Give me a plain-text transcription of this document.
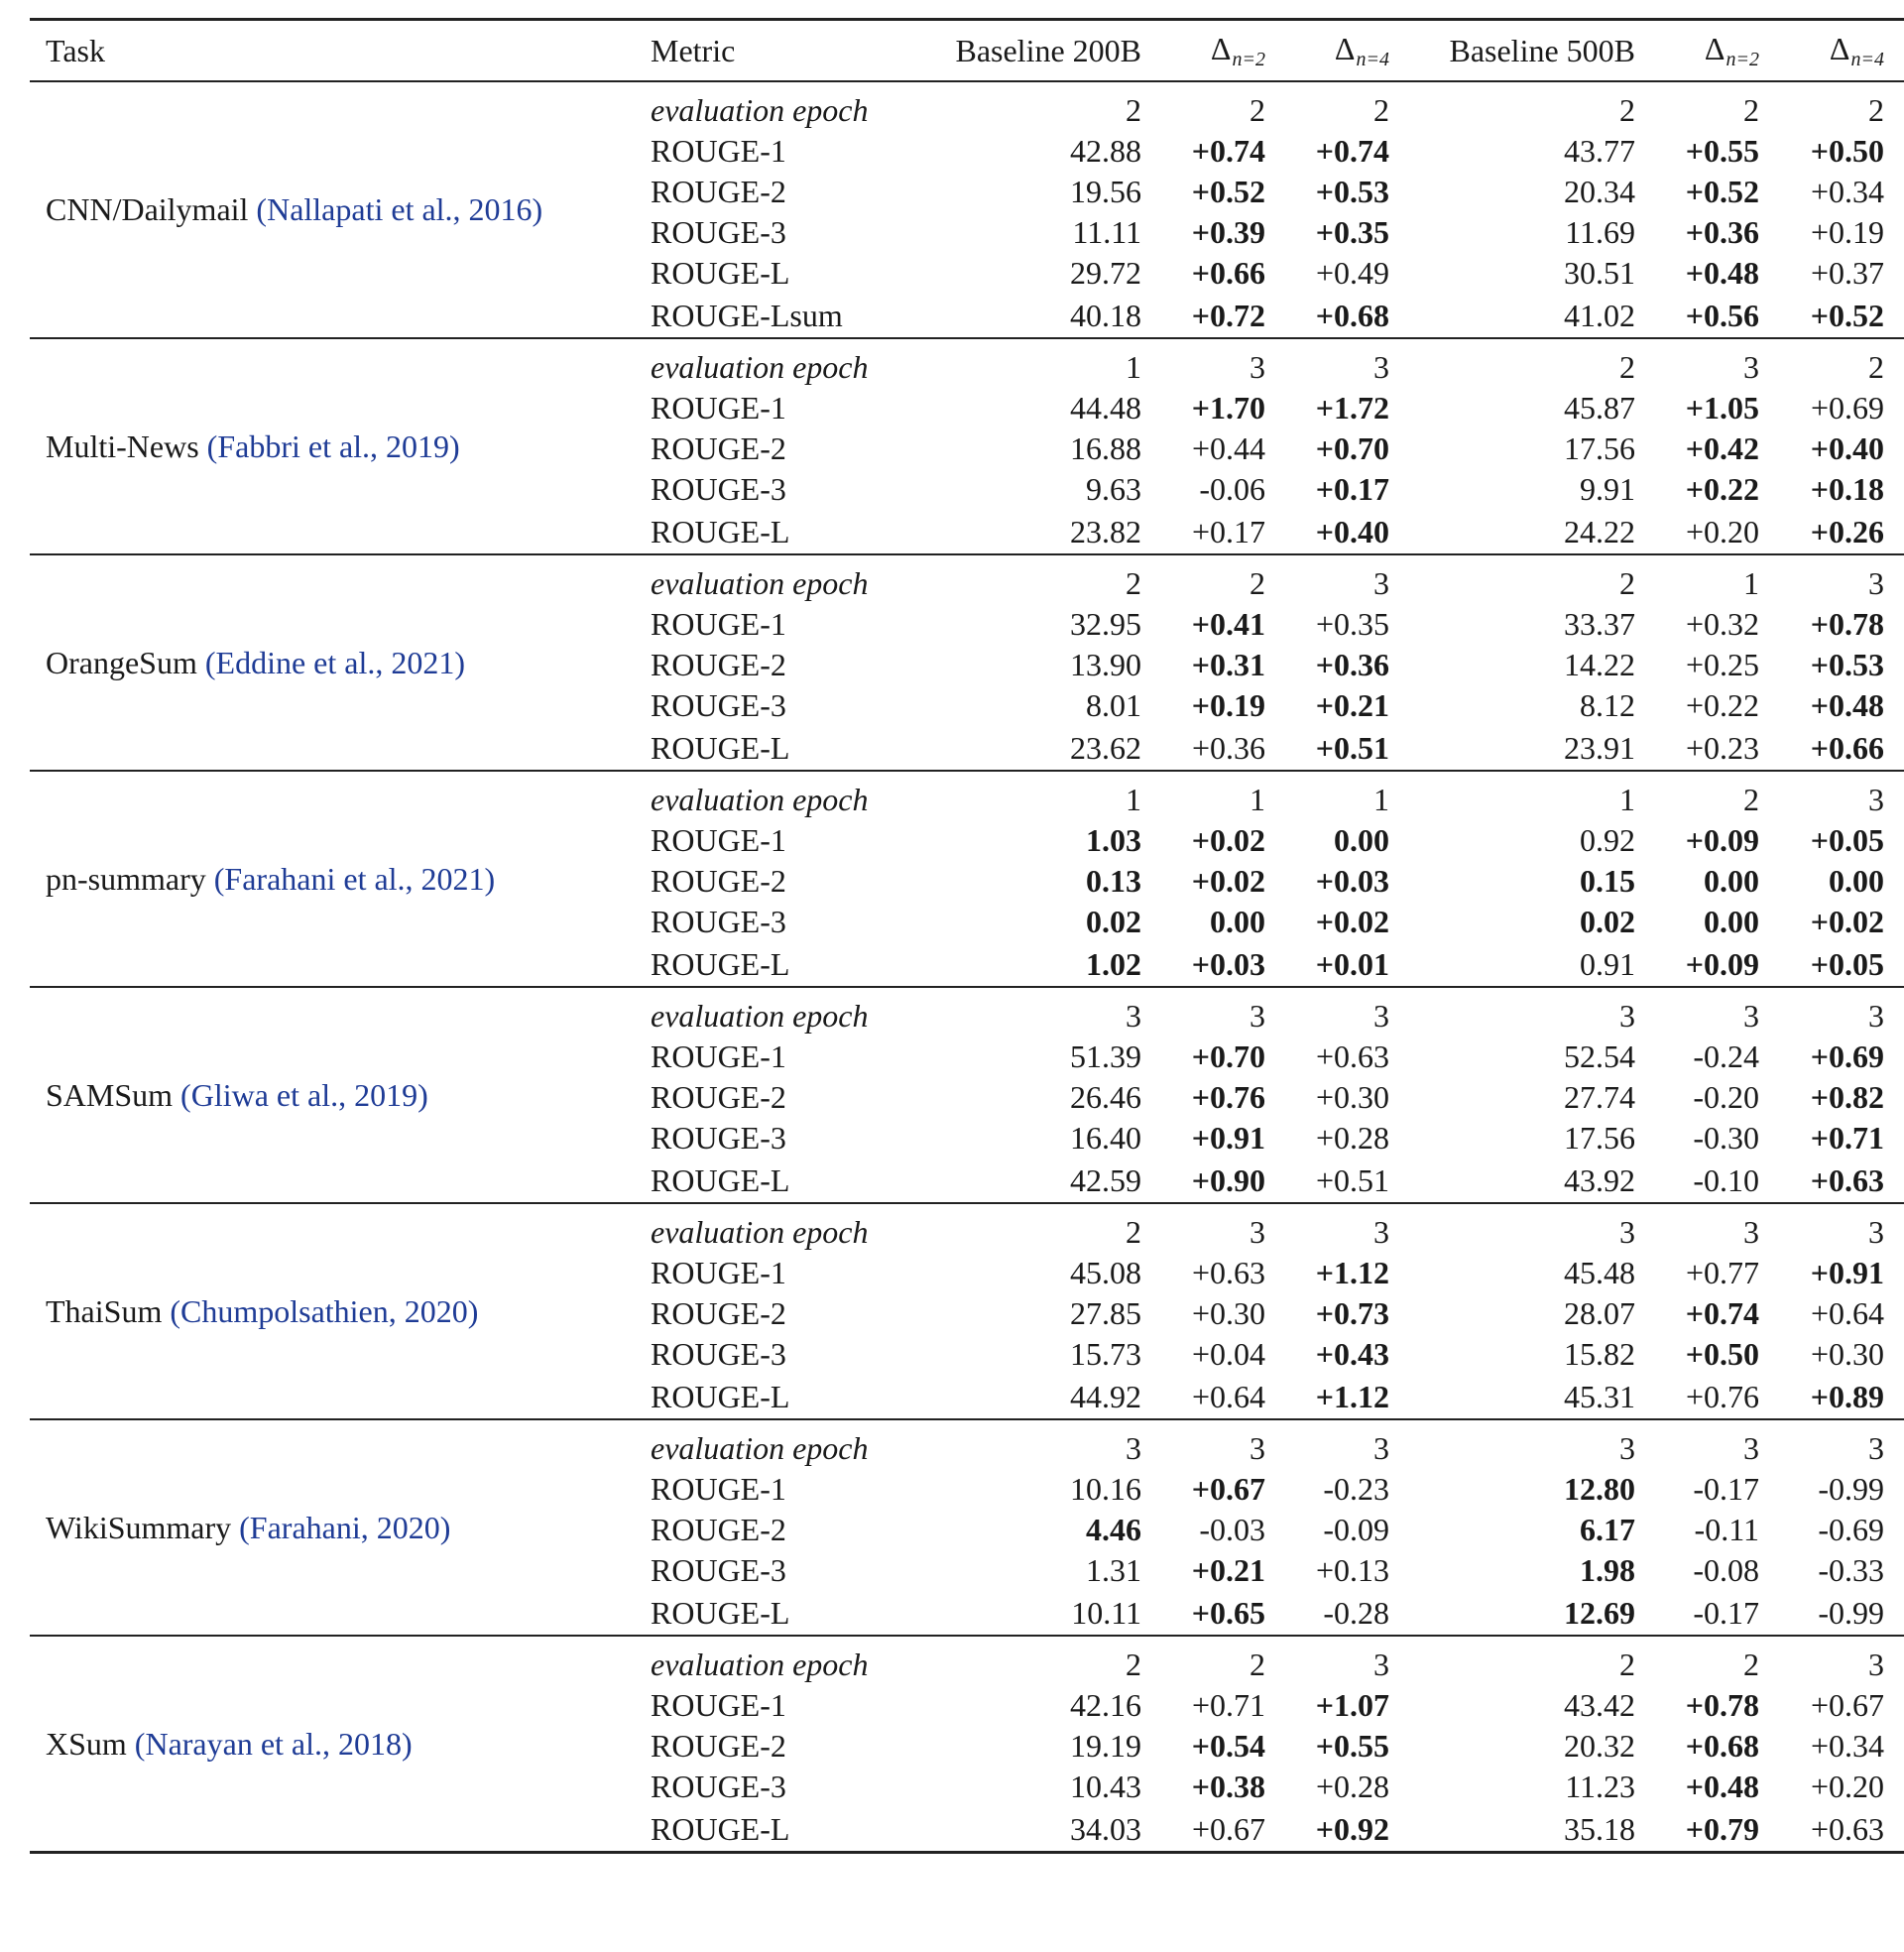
Task	Metric	Baseline 200B	Δn=2	Δn=4	Baseline 500B	Δn=2	Δn=4
CNN/Dailymail (Nallapati et al., 2016)	evaluation epoch	2	2	2	2	2	2
	ROUGE-1	42.88	+0.74	+0.74	43.77	+0.55	+0.50
	ROUGE-2	19.56	+0.52	+0.53	20.34	+0.52	+0.34
	ROUGE-3	11.11	+0.39	+0.35	11.69	+0.36	+0.19
	ROUGE-L	29.72	+0.66	+0.49	30.51	+0.48	+0.37
	ROUGE-Lsum	40.18	+0.72	+0.68	41.02	+0.56	+0.52
Multi-News (Fabbri et al., 2019)	evaluation epoch	1	3	3	2	3	2
	ROUGE-1	44.48	+1.70	+1.72	45.87	+1.05	+0.69
	ROUGE-2	16.88	+0.44	+0.70	17.56	+0.42	+0.40
	ROUGE-3	9.63	-0.06	+0.17	9.91	+0.22	+0.18
	ROUGE-L	23.82	+0.17	+0.40	24.22	+0.20	+0.26
OrangeSum (Eddine et al., 2021)	evaluation epoch	2	2	3	2	1	3
	ROUGE-1	32.95	+0.41	+0.35	33.37	+0.32	+0.78
	ROUGE-2	13.90	+0.31	+0.36	14.22	+0.25	+0.53
	ROUGE-3	8.01	+0.19	+0.21	8.12	+0.22	+0.48
	ROUGE-L	23.62	+0.36	+0.51	23.91	+0.23	+0.66
pn-summary (Farahani et al., 2021)	evaluation epoch	1	1	1	1	2	3
	ROUGE-1	1.03	+0.02	0.00	0.92	+0.09	+0.05
	ROUGE-2	0.13	+0.02	+0.03	0.15	0.00	0.00
	ROUGE-3	0.02	0.00	+0.02	0.02	0.00	+0.02
	ROUGE-L	1.02	+0.03	+0.01	0.91	+0.09	+0.05
SAMSum (Gliwa et al., 2019)	evaluation epoch	3	3	3	3	3	3
	ROUGE-1	51.39	+0.70	+0.63	52.54	-0.24	+0.69
	ROUGE-2	26.46	+0.76	+0.30	27.74	-0.20	+0.82
	ROUGE-3	16.40	+0.91	+0.28	17.56	-0.30	+0.71
	ROUGE-L	42.59	+0.90	+0.51	43.92	-0.10	+0.63
ThaiSum (Chumpolsathien, 2020)	evaluation epoch	2	3	3	3	3	3
	ROUGE-1	45.08	+0.63	+1.12	45.48	+0.77	+0.91
	ROUGE-2	27.85	+0.30	+0.73	28.07	+0.74	+0.64
	ROUGE-3	15.73	+0.04	+0.43	15.82	+0.50	+0.30
	ROUGE-L	44.92	+0.64	+1.12	45.31	+0.76	+0.89
WikiSummary (Farahani, 2020)	evaluation epoch	3	3	3	3	3	3
	ROUGE-1	10.16	+0.67	-0.23	12.80	-0.17	-0.99
	ROUGE-2	4.46	-0.03	-0.09	6.17	-0.11	-0.69
	ROUGE-3	1.31	+0.21	+0.13	1.98	-0.08	-0.33
	ROUGE-L	10.11	+0.65	-0.28	12.69	-0.17	-0.99
XSum (Narayan et al., 2018)	evaluation epoch	2	2	3	2	2	3
	ROUGE-1	42.16	+0.71	+1.07	43.42	+0.78	+0.67
	ROUGE-2	19.19	+0.54	+0.55	20.32	+0.68	+0.34
	ROUGE-3	10.43	+0.38	+0.28	11.23	+0.48	+0.20
	ROUGE-L	34.03	+0.67	+0.92	35.18	+0.79	+0.63
